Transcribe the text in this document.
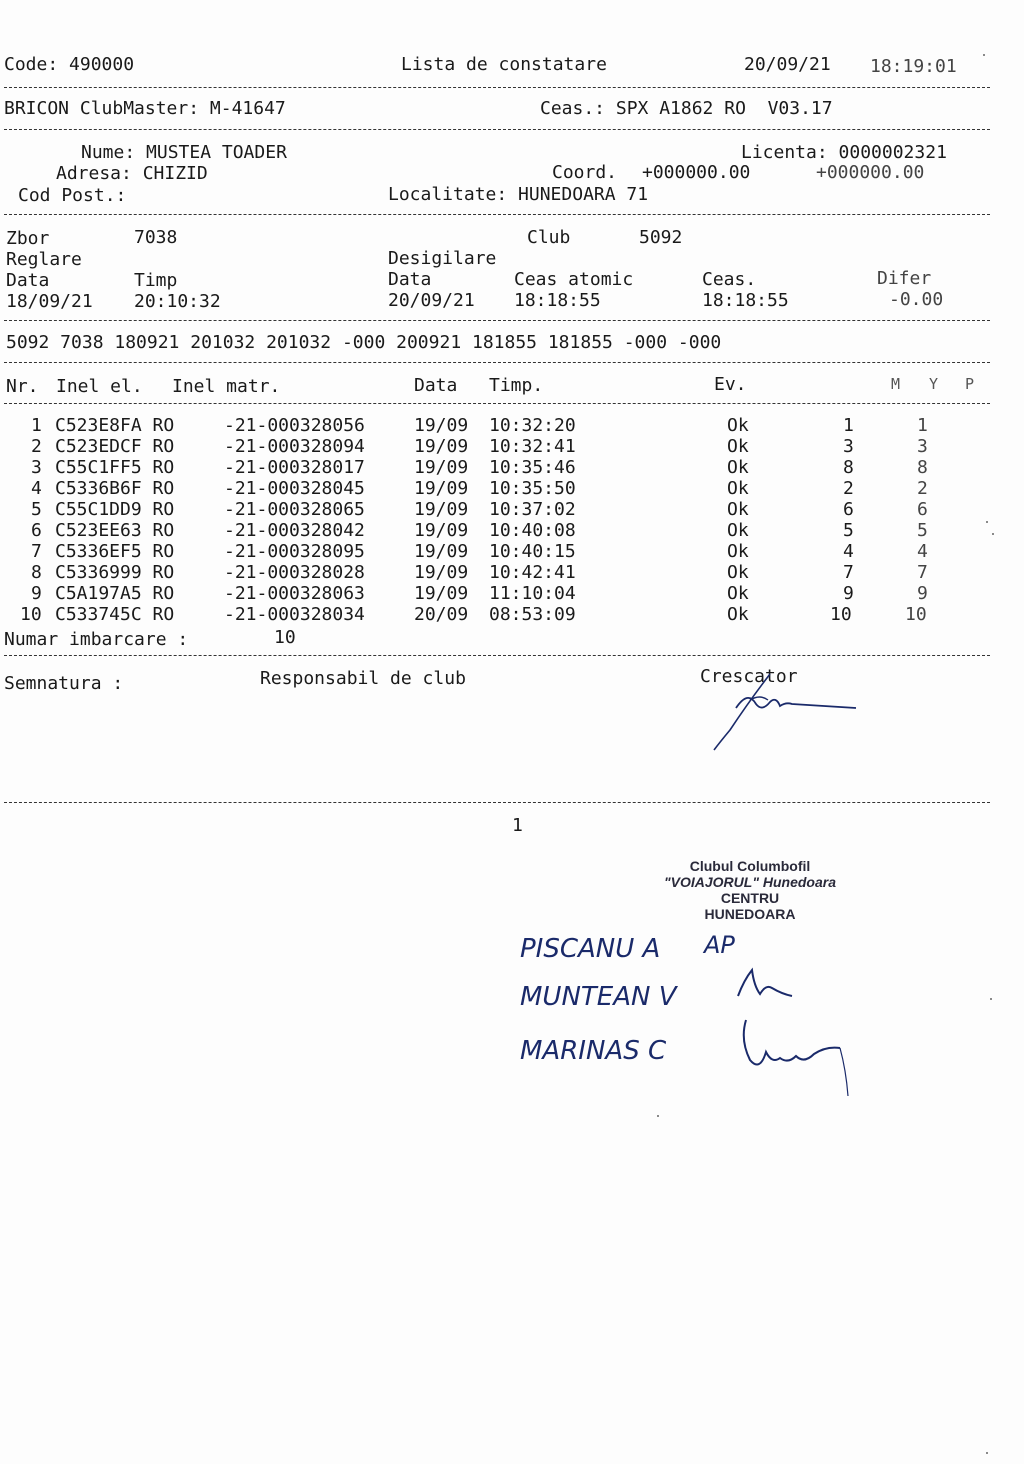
Code: 490000	Lista de constatare	20/09/21 18:19:01
BRICON ClubMaster: M-41647	Ceas.: SPX A1862 RO  V03.17
Nume: MUSTEA TOADER	Licenta: 0000002321
Adresa: CHIZID	Coord. +000000.00	+000000.00
Cod Post.:	Localitate: HUNEDOARA 71
Zbor	7038	Club	5092
Reglare	Desigilare
Data	Timp	Data	Ceas atomic	Ceas.	Difer
18/09/21 20:10:32	20/09/21 18:18:55	18:18:55	-0.00
5092 7038 180921 201032 201032 -000 200921 181855 181855 -000 -000
Nr. Inel el. Inel matr.	Data Timp.	Ev.	M Y P
1 C523E8FA RO	-21-000328056	19/09 10:32:20	Ok	1	1
2 C523EDCF RO	-21-000328094	19/09 10:32:41	Ok	3	3
3 C55C1FF5 RO	-21-000328017	19/09 10:35:46	Ok	8	8
4 C5336B6F RO	-21-000328045	19/09 10:35:50	Ok	2	2
5 C55C1DD9 RO	-21-000328065	19/09 10:37:02	Ok	6	6
6 C523EE63 RO	-21-000328042	19/09 10:40:08	Ok	5	5
7 C5336EF5 RO	-21-000328095	19/09 10:40:15	Ok	4	4
8 C5336999 RO	-21-000328028	19/09 10:42:41	Ok	7	7
9 C5A197A5 RO	-21-000328063	19/09 11:10:04	Ok	9	9
10 C533745C RO	-21-000328034	20/09 08:53:09	Ok	10	10
Numar imbarcare :	10
Semnatura :	Responsabil de club	Crescator
1
Clubul Columbofil
"VOIAJORUL" Hunedoara
CENTRU
HUNEDOARA
PISCANU A AP
MUNTEAN V
MARINAS C
